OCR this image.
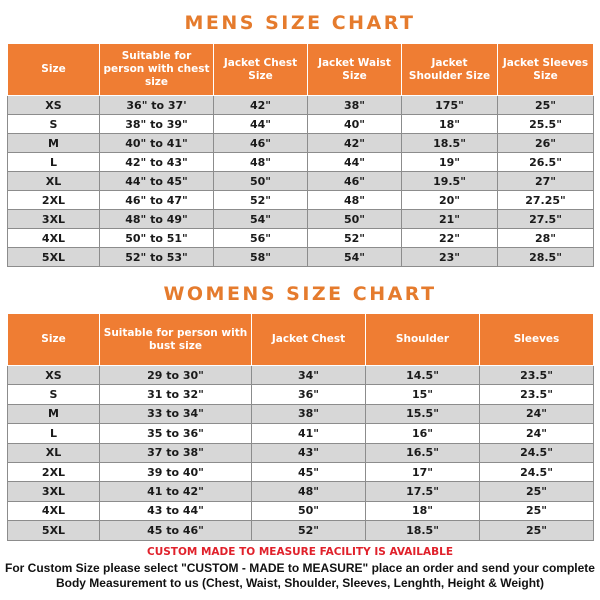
MENS SIZE CHART
Size	Suitable for person with chest size	Jacket Chest Size	Jacket Waist Size	Jacket Shoulder Size	Jacket Sleeves Size
XS	36" to 37'	42"	38"	175"	25"
S	38" to 39"	44"	40"	18"	25.5"
M	40" to 41"	46"	42"	18.5"	26"
L	42" to 43"	48"	44"	19"	26.5"
XL	44" to 45"	50"	46"	19.5"	27"
2XL	46" to 47"	52"	48"	20"	27.25"
3XL	48" to 49"	54"	50"	21"	27.5"
4XL	50" to 51"	56"	52"	22"	28"
5XL	52" to 53"	58"	54"	23"	28.5"
WOMENS SIZE CHART
Size	Suitable for person with bust size	Jacket Chest	Shoulder	Sleeves
XS	29 to 30"	34"	14.5"	23.5"
S	31 to 32"	36"	15"	23.5"
M	33 to 34"	38"	15.5"	24"
L	35 to 36"	41"	16"	24"
XL	37 to 38"	43"	16.5"	24.5"
2XL	39 to 40"	45"	17"	24.5"
3XL	41 to 42"	48"	17.5"	25"
4XL	43 to 44"	50"	18"	25"
5XL	45 to 46"	52"	18.5"	25"
CUSTOM MADE TO MEASURE FACILITY IS AVAILABLE
For Custom Size please select "CUSTOM - MADE to MEASURE" place an order and send your complete Body Measurement to us (Chest, Waist, Shoulder, Sleeves, Lenghth, Height & Weight)
